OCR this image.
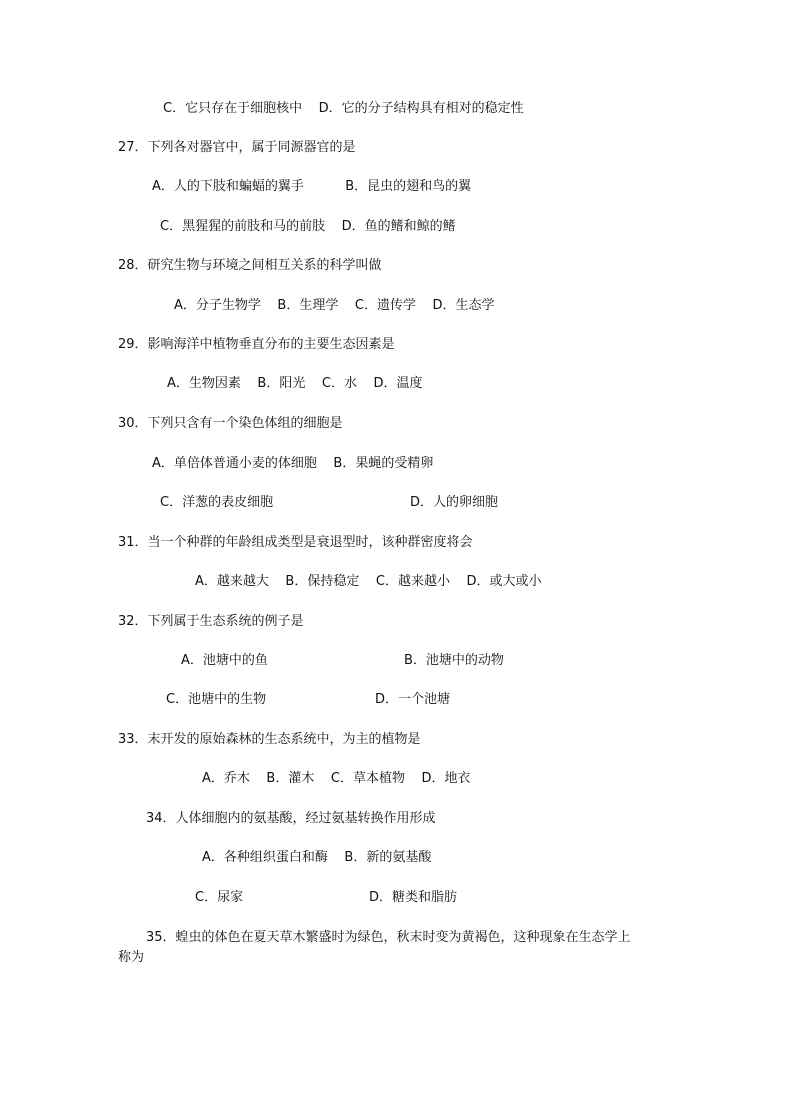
C．它只存在于细胞核中    D．它的分子结构具有相对的稳定性

27．下列各对器官中，属于同源器官的是

A．人的下肢和蝙蝠的翼手          B．昆虫的翅和鸟的翼

C．黑猩猩的前肢和马的前肢    D．鱼的鳍和鲸的鳍

28．研究生物与环境之间相互关系的科学叫做

A．分子生物学    B．生理学    C．遗传学    D．生态学

29．影响海洋中植物垂直分布的主要生态因素是

A．生物因素    B．阳光    C．水    D．温度

30．下列只含有一个染色体组的细胞是

A．单倍体普通小麦的体细胞    B．果蝇的受精卵

C．洋葱的表皮细胞	D．人的卵细胞

31．当一个种群的年龄组成类型是衰退型时，该种群密度将会

A．越来越大    B．保持稳定    C．越来越小    D．或大或小

32．下列属于生态系统的例子是

A．池塘中的鱼	B．池塘中的动物

C．池塘中的生物	D．一个池塘

33．末开发的原始森林的生态系统中，为主的植物是

A．乔木    B．灌木    C．草本植物    D．地衣

34．人体细胞内的氨基酸，经过氨基转换作用形成

A．各种组织蛋白和酶    B．新的氨基酸

C．尿家	D．糖类和脂肪

35．蝗虫的体色在夏天草木繁盛时为绿色，秋末时变为黄褐色，这种现象在生态学上

称为
